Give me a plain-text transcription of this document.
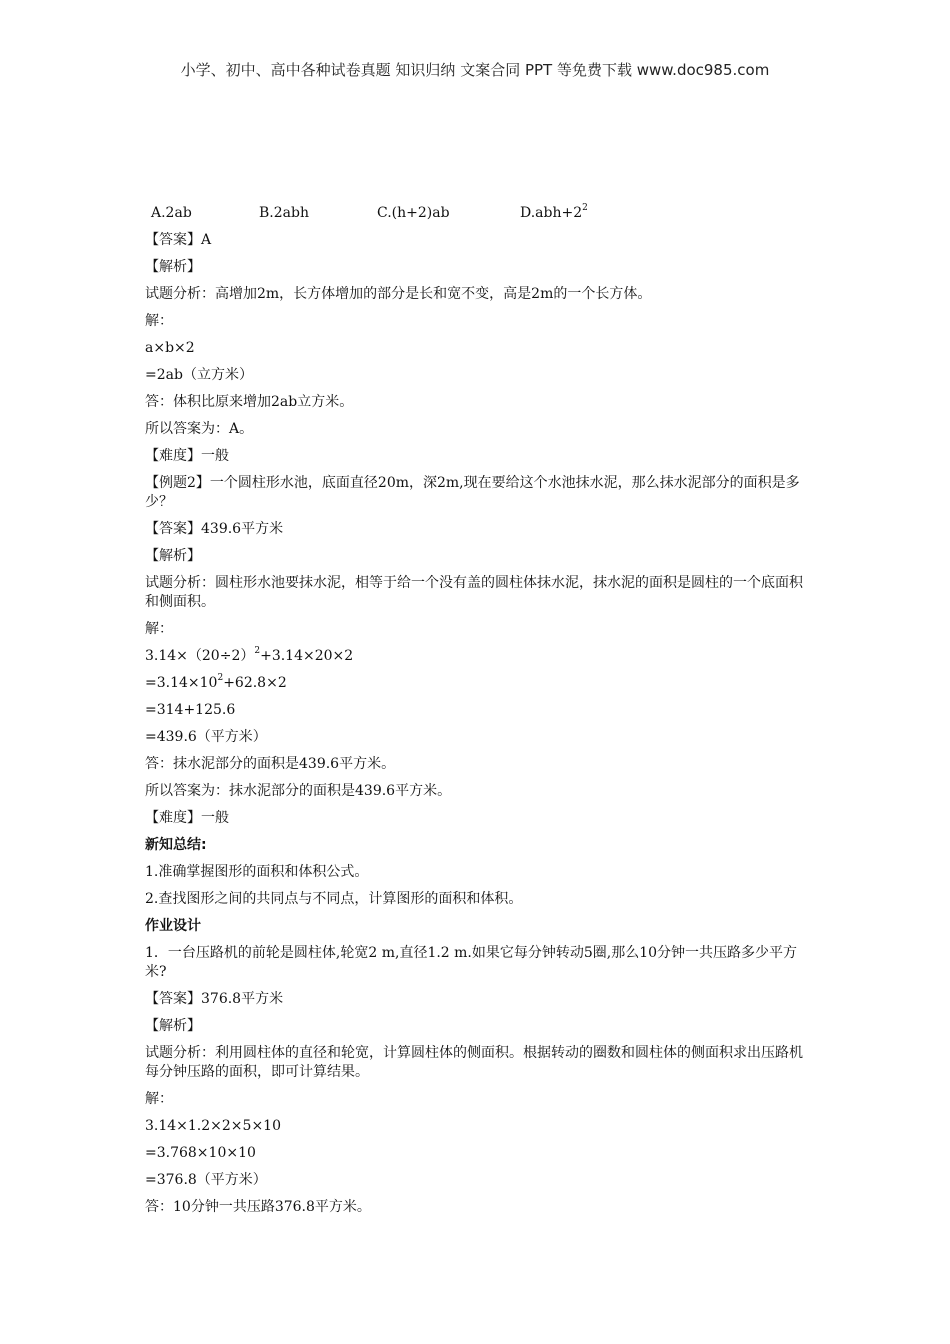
小学、初中、高中各种试卷真题 知识归纳 文案合同 PPT 等免费下载 www.doc985.com
A.2ab	B.2abh	C.(h+2)ab	$D.abh+2^2$
【答案】A
【解析】
试题分析：高增加2m，长方体增加的部分是长和宽不变，高是2m的一个长方体。
解：
a×b×2
=2ab（立方米）
答：体积比原来增加2ab立方米。
所以答案为：A。
【难度】一般
【例题2】一个圆柱形水池，底面直径20m，深2m,现在要给这个水池抹水泥，那么抹水泥部分的面积是多少？
【答案】439.6平方米
【解析】
试题分析：圆柱形水池要抹水泥，相等于给一个没有盖的圆柱体抹水泥，抹水泥的面积是圆柱的一个底面积和侧面积。
解：
$3.14\times(20\div 2)^2+3.14\times 20\times 2$
$=3.14\times 10^2+62.8\times 2$
=314+125.6
=439.6（平方米）
答：抹水泥部分的面积是439.6平方米。
所以答案为：抹水泥部分的面积是439.6平方米。
【难度】一般
新知总结:
1.准确掌握图形的面积和体积公式。
2.查找图形之间的共同点与不同点，计算图形的面积和体积。
作业设计
1．一台压路机的前轮是圆柱体,轮宽2 m,直径1.2 m.如果它每分钟转动5圈,那么10分钟一共压路多少平方米?
【答案】376.8平方米
【解析】
试题分析：利用圆柱体的直径和轮宽，计算圆柱体的侧面积。根据转动的圈数和圆柱体的侧面积求出压路机每分钟压路的面积，即可计算结果。
解：
3.14×1.2×2×5×10
=3.768×10×10
=376.8（平方米）
答：10分钟一共压路376.8平方米。
